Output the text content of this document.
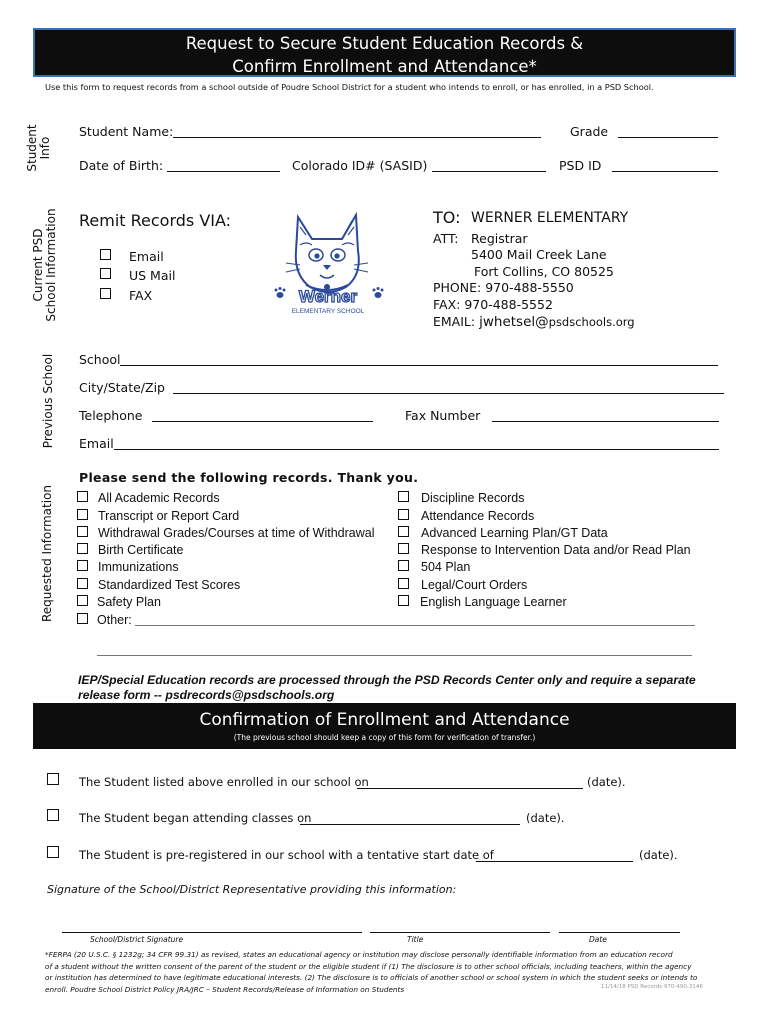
Request to Secure Student Education Records &
Confirm Enrollment and Attendance*
Use this form to request records from a school outside of Poudre School District for a student who intends to enroll, or has enrolled, in a PSD School.
Student Info
Student Name:	Grade
Date of Birth:	Colorado ID# (SASID)	PSD ID
Current PSD School Information Remit Records VIA:
Email
US Mail
FAX	Werner
ELEMENTARY SCHOOL
TO: WERNER ELEMENTARY
ATT: Registrar
5400 Mail Creek Lane
Fort Collins, CO 80525
PHONE: 970-488-5550
FAX: 970-488-5552
EMAIL: jwhetsel@psdschools.org
Previous School School
City/State/Zip
Telephone	Fax Number
Email
Requested Information
Please send the following records. Thank you.
All Academic Records
Transcript or Report Card
Withdrawal Grades/Courses at time of Withdrawal
Birth Certificate
Immunizations
Standardized Test Scores
Safety Plan
Other:
Discipline Records
Attendance Records
Advanced Learning Plan/GT Data
Response to Intervention Data and/or Read Plan
504 Plan
Legal/Court Orders
English Language Learner
IEP/Special Education records are processed through the PSD Records Center only and require a separate release form -- psdrecords@psdschools.org
Confirmation of Enrollment and Attendance
(The previous school should keep a copy of this form for verification of transfer.)
The Student listed above enrolled in our school on	(date).
The Student began attending classes on	(date).
The Student is pre-registered in our school with a tentative start date of	(date).
Signature of the School/District Representative providing this information:
School/District Signature	Title	Date
*FERPA (20 U.S.C. § 1232g; 34 CFR 99.31) as revised, states an educational agency or institution may disclose personally identifiable information from an education record
of a student without the written consent of the parent of the student or the eligible student if (1) The disclosure is to other school officials, including teachers, within the agency
or institution has determined to have legitimate educational interests. (2) The disclosure is to officials of another school or school system in which the student seeks or intends to
enroll. Poudre School District Policy JRA/JRC – Student Records/Release of Information on Students	11/14/18 PSD Records 970-490-3146
